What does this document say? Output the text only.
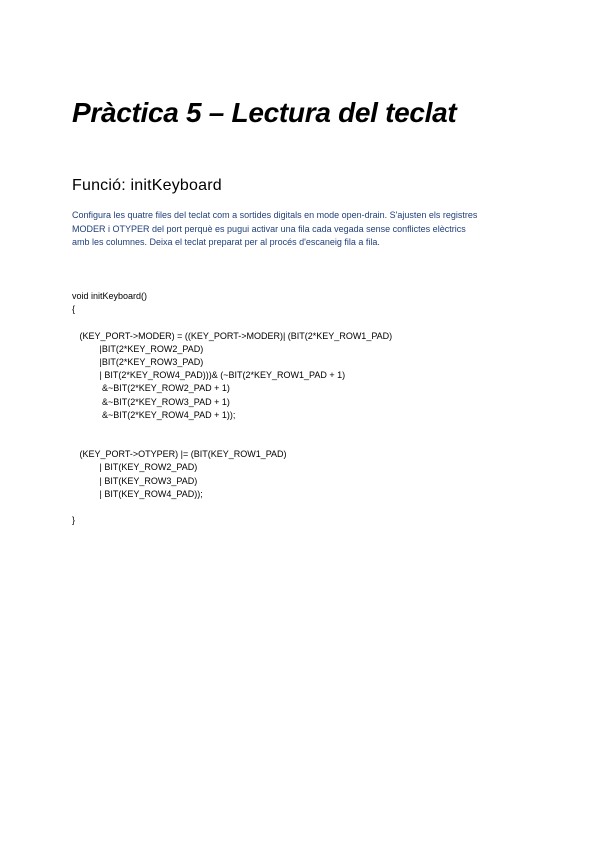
Pràctica 5 – Lectura del teclat
Funció: initKeyboard

Configura les quatre files del teclat com a sortides digitals en mode open-drain. S'ajusten els registres
MODER i OTYPER del port perquè es pugui activar una fila cada vegada sense conflictes elèctrics
amb les columnes. Deixa el teclat preparat per al procés d'escaneig fila a fila.

void initKeyboard()
{
(KEY_PORT->MODER) = ((KEY_PORT->MODER)| (BIT(2*KEY_ROW1_PAD)
|BIT(2*KEY_ROW2_PAD)
|BIT(2*KEY_ROW3_PAD)
| BIT(2*KEY_ROW4_PAD)))& (~BIT(2*KEY_ROW1_PAD + 1)
&~BIT(2*KEY_ROW2_PAD + 1)
&~BIT(2*KEY_ROW3_PAD + 1)
&~BIT(2*KEY_ROW4_PAD + 1));
(KEY_PORT->OTYPER) |= (BIT(KEY_ROW1_PAD)
| BIT(KEY_ROW2_PAD)
| BIT(KEY_ROW3_PAD)
| BIT(KEY_ROW4_PAD));
}
